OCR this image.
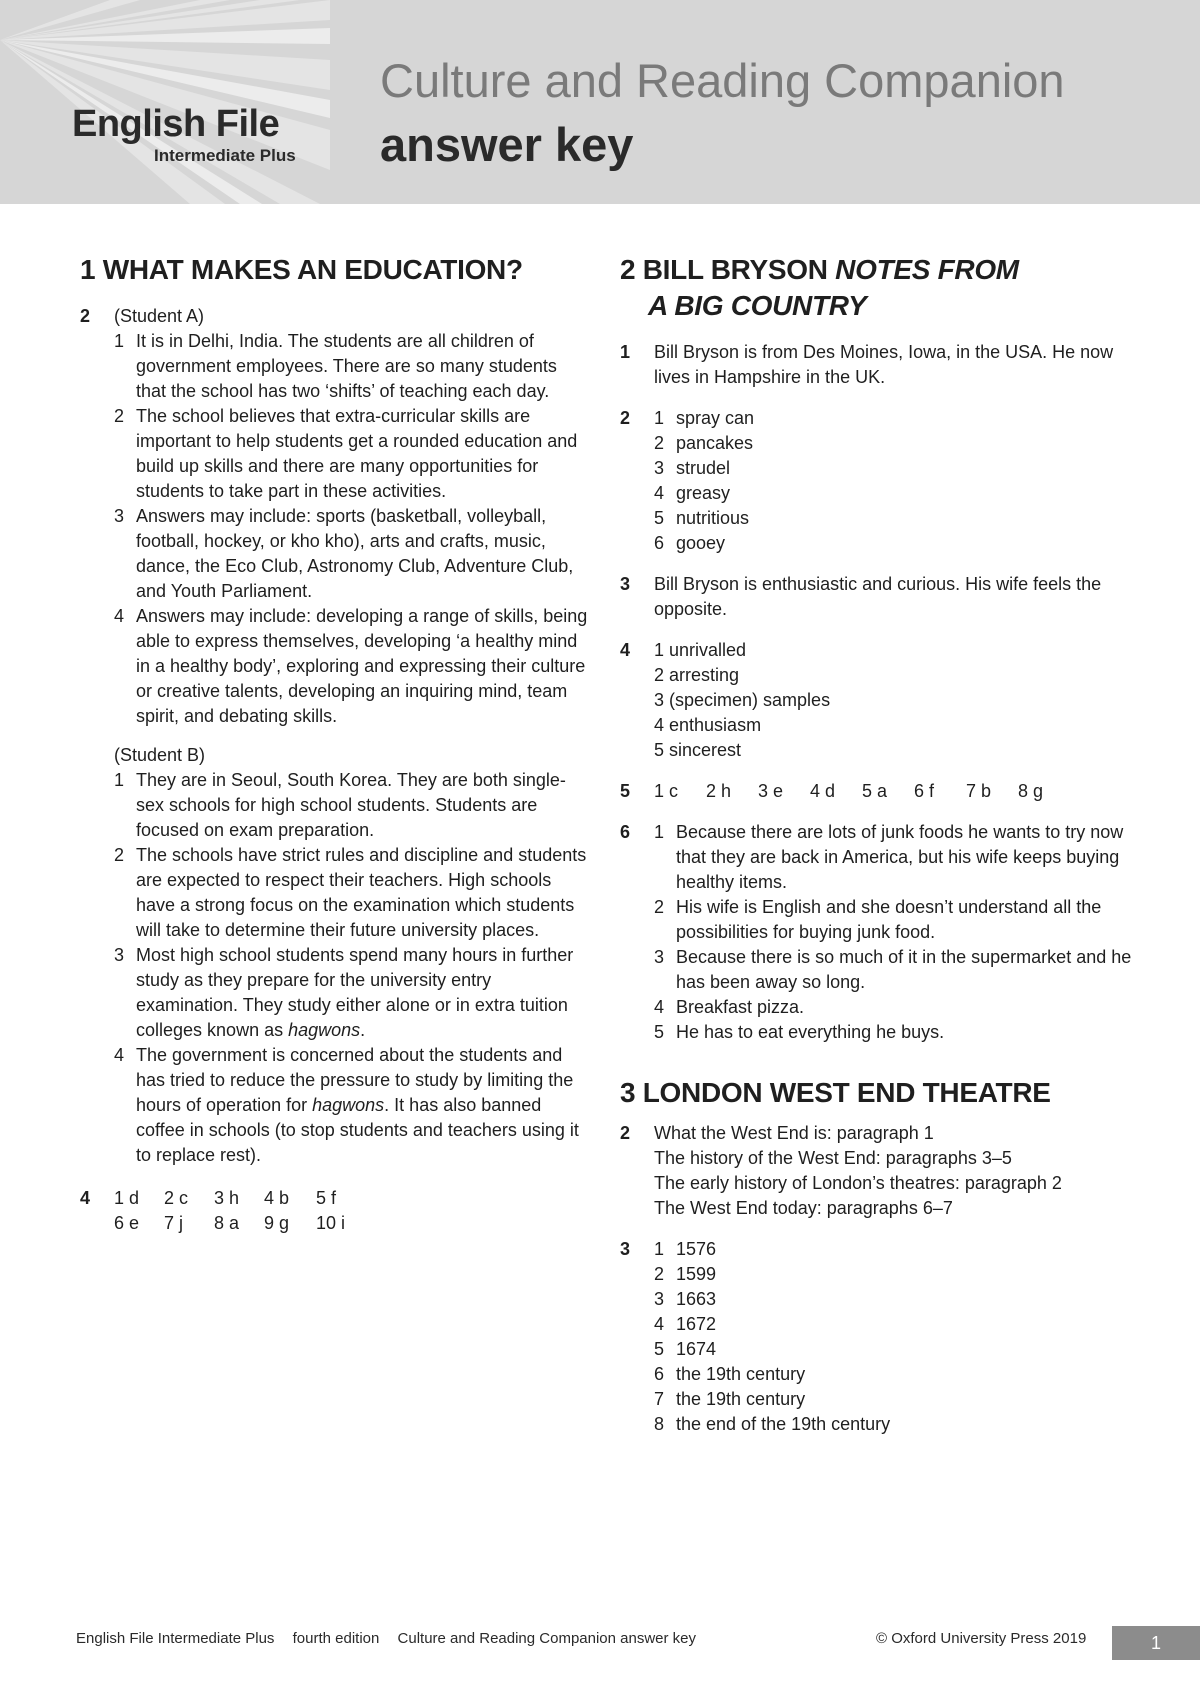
English File
Intermediate Plus
Culture and Reading Companion
answer key
1 WHAT MAKES AN EDUCATION?
2	(Student A)
1 It is in Delhi, India. The students are all children of government employees. There are so many students that the school has two ‘shifts’ of teaching each day.
2 The school believes that extra-curricular skills are important to help students get a rounded education and build up skills and there are many opportunities for students to take part in these activities.
3 Answers may include: sports (basketball, volleyball, football, hockey, or kho kho), arts and crafts, music, dance, the Eco Club, Astronomy Club, Adventure Club, and Youth Parliament.
4 Answers may include: developing a range of skills, being able to express themselves, developing ‘a healthy mind in a healthy body’, exploring and expressing their culture or creative talents, developing an inquiring mind, team spirit, and debating skills.
(Student B)
1 They are in Seoul, South Korea. They are both single-sex schools for high school students. Students are focused on exam preparation.
2 The schools have strict rules and discipline and students are expected to respect their teachers. High schools have a strong focus on the examination which students will take to determine their future university places.
3 Most high school students spend many hours in further study as they prepare for the university entry examination. They study either alone or in extra tuition colleges known as hagwons.
4 The government is concerned about the students and has tried to reduce the pressure to study by limiting the hours of operation for hagwons. It has also banned coffee in schools (to stop students and teachers using it to replace rest).
4	1 d	2 c	3 h	4 b	5 f
6 e	7 j	8 a	9 g	10 i
2 BILL BRYSON NOTES FROM
A BIG COUNTRY
1	Bill Bryson is from Des Moines, Iowa, in the USA. He now lives in Hampshire in the UK.
2	1 spray can
2 pancakes
3 strudel
4 greasy
5 nutritious
6 gooey
3	Bill Bryson is enthusiastic and curious. His wife feels the opposite.
4	1 unrivalled
2 arresting
3 (specimen) samples
4 enthusiasm
5 sincerest
5	1 c	2 h	3 e	4 d	5 a	6 f	7 b	8 g
6	1 Because there are lots of junk foods he wants to try now that they are back in America, but his wife keeps buying healthy items.
2 His wife is English and she doesn’t understand all the possibilities for buying junk food.
3 Because there is so much of it in the supermarket and he has been away so long.
4 Breakfast pizza.
5 He has to eat everything he buys.
3 LONDON WEST END THEATRE
2	What the West End is: paragraph 1
The history of the West End: paragraphs 3–5
The early history of London’s theatres: paragraph 2
The West End today: paragraphs 6–7
3	1 1576
2 1599
3 1663
4 1672
5 1674
6 the 19th century
7 the 19th century
8 the end of the 19th century
English File Intermediate Plus fourth edition Culture and Reading Companion answer key	© Oxford University Press 2019	1
